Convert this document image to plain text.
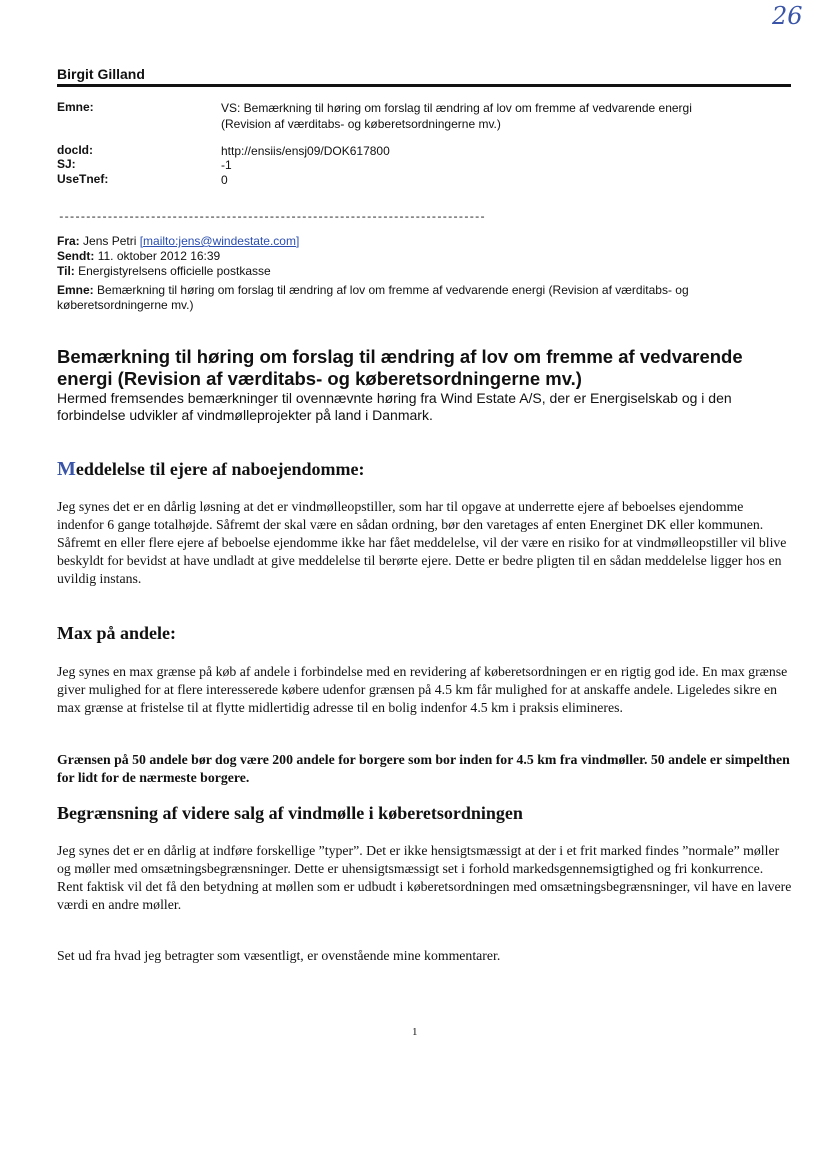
26
Birgit Gilland
Emne:	VS: Bemærkning til høring om forslag til ændring af lov om fremme af vedvarende energi
(Revision af værditabs- og køberetsordningerne mv.)
docId:	http://ensiis/ensj09/DOK617800
SJ:	-1
UseTnef:	0
-------------------------------------------------------------------------------
Fra: Jens Petri [mailto:jens@windestate.com]
Sendt: 11. oktober 2012 16:39
Til: Energistyrelsens officielle postkasse
Emne: Bemærkning til høring om forslag til ændring af lov om fremme af vedvarende energi (Revision af værditabs- og køberetsordningerne mv.)
Bemærkning til høring om forslag til ændring af lov om fremme af vedvarende energi (Revision af værditabs- og køberetsordningerne mv.)
Hermed fremsendes bemærkninger til ovennævnte høring fra Wind Estate A/S, der er Energiselskab og i den forbindelse udvikler af vindmølleprojekter på land i Danmark.
Meddelelse til ejere af naboejendomme:
Jeg synes det er en dårlig løsning at det er vindmølleopstiller, som har til opgave at underrette ejere af beboelses ejendomme indenfor 6 gange totalhøjde. Såfremt der skal være en sådan ordning, bør den varetages af enten Energinet DK eller kommunen. Såfremt en eller flere ejere af beboelse ejendomme ikke har fået meddelelse, vil der være en risiko for at vindmølleopstiller vil blive beskyldt for bevidst at have undladt at give meddelelse til berørte ejere. Dette er bedre pligten til en sådan meddelelse ligger hos en uvildig instans.
Max på andele:
Jeg synes en max grænse på køb af andele i forbindelse med en revidering af køberetsordningen er en rigtig god ide. En max grænse giver mulighed for at flere interesserede købere udenfor grænsen på 4.5 km får mulighed for at anskaffe andele. Ligeledes sikre en max grænse at fristelse til at flytte midlertidig adresse til en bolig indenfor 4.5 km i praksis elimineres.
Grænsen på 50 andele bør dog være 200 andele for borgere som bor inden for 4.5 km fra vindmøller. 50 andele er simpelthen for lidt for de nærmeste borgere.
Begrænsning af videre salg af vindmølle i køberetsordningen
Jeg synes det er en dårlig at indføre forskellige ”typer”. Det er ikke hensigtsmæssigt at der i et frit marked findes ”normale” møller og møller med omsætningsbegrænsninger. Dette er uhensigtsmæssigt set i forhold markedsgennemsigtighed og fri konkurrence. Rent faktisk vil det få den betydning at møllen som er udbudt i køberetsordningen med omsætningsbegrænsninger, vil have en lavere værdi en andre møller.
Set ud fra hvad jeg betragter som væsentligt, er ovenstående mine kommentarer.
1
